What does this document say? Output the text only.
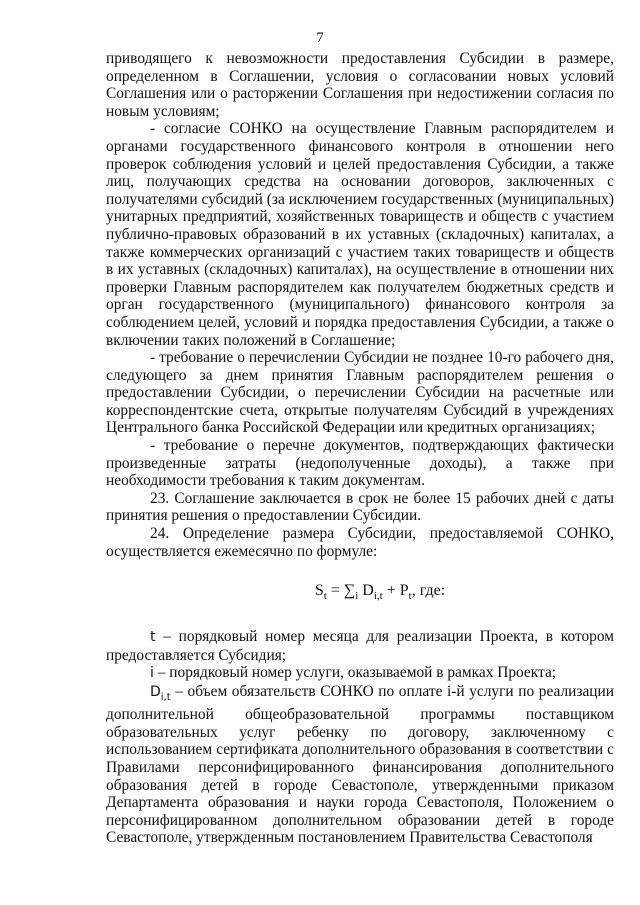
7

приводящего к невозможности предоставления Субсидии в размере, определенном в Соглашении, условия о согласовании новых условий Соглашения или о расторжении Соглашения при недостижении согласия по новым условиям;

- согласие СОНКО на осуществление Главным распорядителем и органами государственного финансового контроля в отношении него проверок соблюдения условий и целей предоставления Субсидии, а также лиц, получающих средства на основании договоров, заключенных с получателями субсидий (за исключением государственных (муниципальных) унитарных предприятий, хозяйственных товариществ и обществ с участием публично-правовых образований в их уставных (складочных) капиталах, а также коммерческих организаций с участием таких товариществ и обществ в их уставных (складочных) капиталах), на осуществление в отношении них проверки Главным распорядителем как получателем бюджетных средств и орган государственного (муниципального) финансового контроля за соблюдением целей, условий и порядка предоставления Субсидии, а также о включении таких положений в Соглашение;

- требование о перечислении Субсидии не позднее 10-го рабочего дня, следующего за днем принятия Главным распорядителем решения о предоставлении Субсидии, о перечислении Субсидии на расчетные или корреспондентские счета, открытые получателям Субсидий в учреждениях Центрального банка Российской Федерации или кредитных организациях;

- требование о перечне документов, подтверждающих фактически произведенные затраты (недополученные доходы), а также при необходимости требования к таким документам.

23. Соглашение заключается в срок не более 15 рабочих дней с даты принятия решения о предоставлении Субсидии.

24. Определение размера Субсидии, предоставляемой СОНКО, осуществляется ежемесячно по формуле:

$S_t = \sum_i$ $D_{i,t} + P_t$, где:

t – порядковый номер месяца для реализации Проекта, в котором предоставляется Субсидия;

i – порядковый номер услуги, оказываемой в рамках Проекта;

$D_{i,t}$ – объем обязательств СОНКО по оплате i-й услуги по реализации дополнительной общеобразовательной программы поставщиком образовательных услуг ребенку по договору, заключенному с использованием сертификата дополнительного образования в соответствии с Правилами персонифицированного финансирования дополнительного образования детей в городе Севастополе, утвержденными приказом Департамента образования и науки города Севастополя, Положением о персонифицированном дополнительном образовании детей в городе Севастополе, утвержденным постановлением Правительства Севастополя
